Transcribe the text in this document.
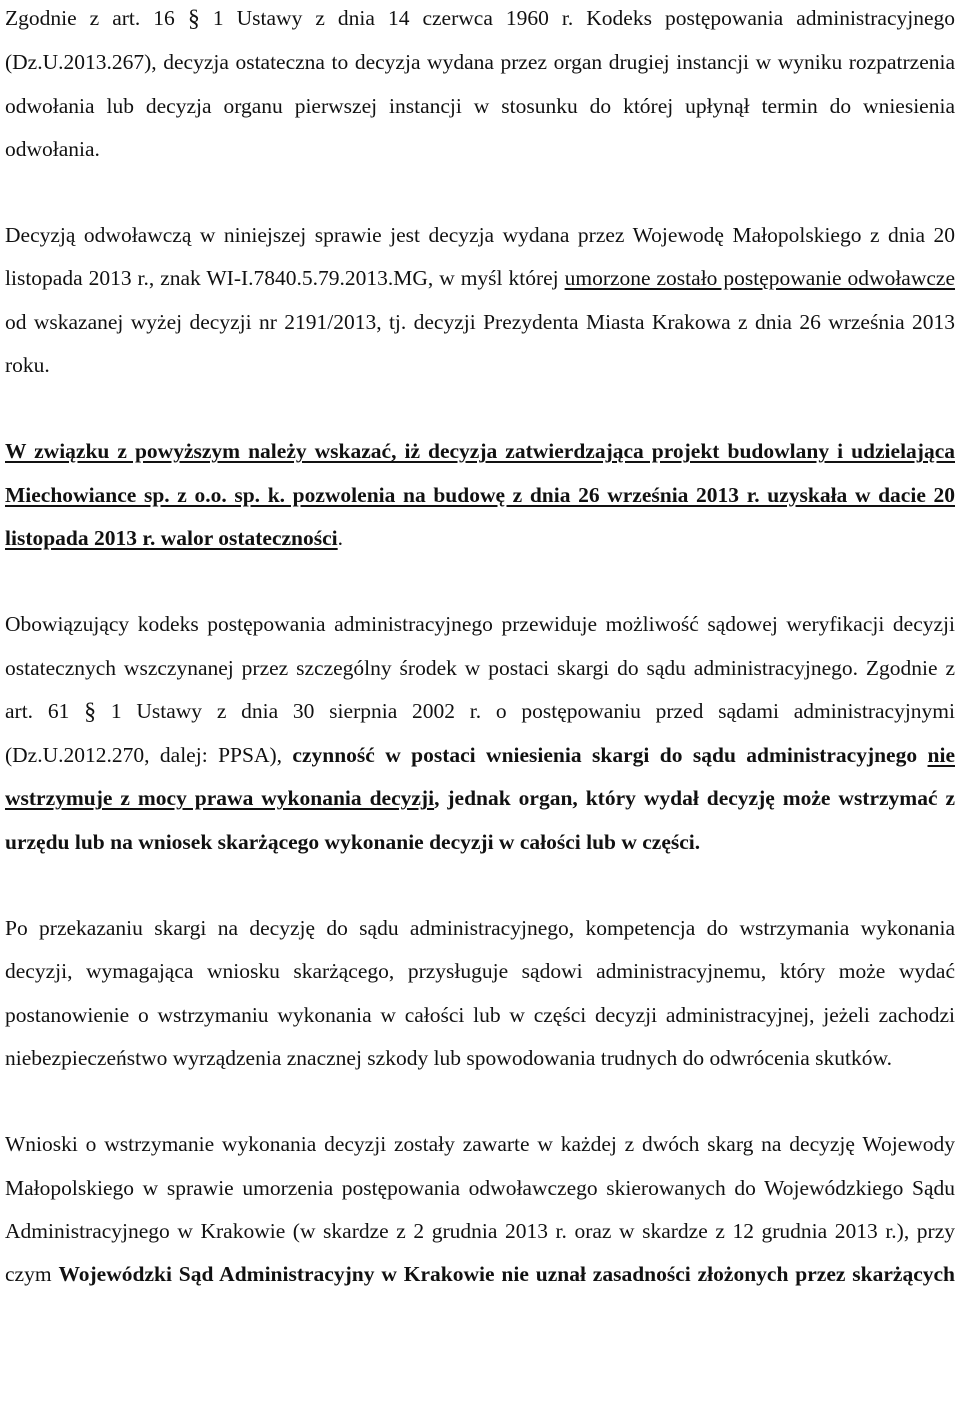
Zgodnie z art. 16 § 1 Ustawy z dnia 14 czerwca 1960 r. Kodeks postępowania administracyjnego (Dz.U.2013.267), decyzja ostateczna to decyzja wydana przez organ drugiej instancji w wyniku rozpatrzenia odwołania lub decyzja organu pierwszej instancji w stosunku do której upłynął termin do wniesienia odwołania.

Decyzją odwoławczą w niniejszej sprawie jest decyzja wydana przez Wojewodę Małopolskiego z dnia 20 listopada 2013 r., znak WI-I.7840.5.79.2013.MG, w myśl której umorzone zostało postępowanie odwoławcze od wskazanej wyżej decyzji nr 2191/2013, tj. decyzji Prezydenta Miasta Krakowa z dnia 26 września 2013 roku.

W związku z powyższym należy wskazać, iż decyzja zatwierdzająca projekt budowlany i udzielająca Miechowiance sp. z o.o. sp. k. pozwolenia na budowę z dnia 26 września 2013 r. uzyskała w dacie 20 listopada 2013 r. walor ostateczności.

Obowiązujący kodeks postępowania administracyjnego przewiduje możliwość sądowej weryfikacji decyzji ostatecznych wszczynanej przez szczególny środek w postaci skargi do sądu administracyjnego. Zgodnie z art. 61 § 1 Ustawy z dnia 30 sierpnia 2002 r. o postępowaniu przed sądami administracyjnymi (Dz.U.2012.270, dalej: PPSA), czynność w postaci wniesienia skargi do sądu administracyjnego nie wstrzymuje z mocy prawa wykonania decyzji, jednak organ, który wydał decyzję może wstrzymać z urzędu lub na wniosek skarżącego wykonanie decyzji w całości lub w części.

Po przekazaniu skargi na decyzję do sądu administracyjnego, kompetencja do wstrzymania wykonania decyzji, wymagająca wniosku skarżącego, przysługuje sądowi administracyjnemu, który może wydać postanowienie o wstrzymaniu wykonania w całości lub w części decyzji administracyjnej, jeżeli zachodzi niebezpieczeństwo wyrządzenia znacznej szkody lub spowodowania trudnych do odwrócenia skutków.

Wnioski o wstrzymanie wykonania decyzji zostały zawarte w każdej z dwóch skarg na decyzję Wojewody Małopolskiego w sprawie umorzenia postępowania odwoławczego skierowanych do Wojewódzkiego Sądu Administracyjnego w Krakowie (w skardze z 2 grudnia 2013 r. oraz w skardze z 12 grudnia 2013 r.), przy czym Wojewódzki Sąd Administracyjny w Krakowie nie uznał zasadności złożonych przez skarżących
